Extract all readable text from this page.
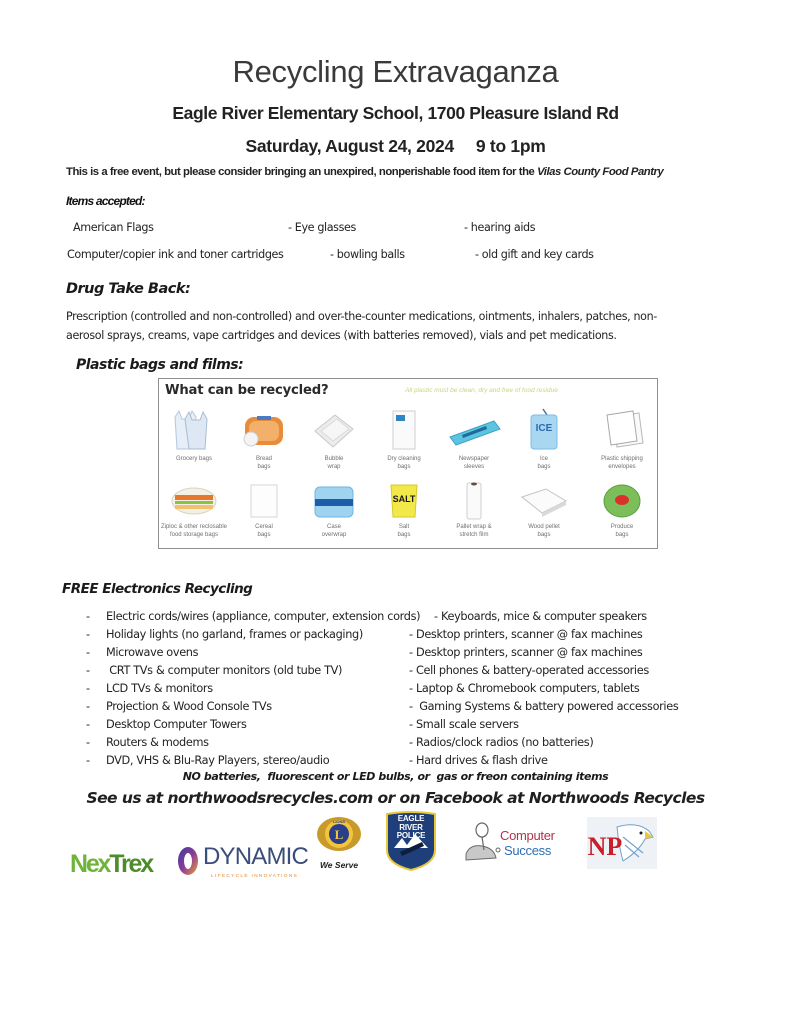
Recycling Extravaganza
Eagle River Elementary School, 1700 Pleasure Island Rd
Saturday, August 24, 2024 9 to 1pm
This is a free event, but please consider bringing an unexpired, nonperishable food item for the Vilas County Food Pantry
Items accepted:
American Flags	- Eye glasses	- hearing aids
Computer/copier ink and toner cartridges	- bowling balls	- old gift and key cards
Drug Take Back:
Prescription (controlled and non-controlled) and over-the-counter medications, ointments, inhalers, patches, non-
aerosol sprays, creams, vape cartridges and devices (with batteries removed), vials and pet medications.
Plastic bags and films:
What can be recycled?	All plastic must be clean, dry and free of food residue
Grocery bags	Bread
bags
Bubble
wrap
Dry cleaning
bags
Newspaper
sleeves
ICE
Ice
bags
Plastic shipping
envelopes
Ziploc & other reclosable
food storage bags
Cereal
bags
Case
overwrap
SALT
Salt
bags
Pallet wrap &
stretch film
Wood pellet
bags
Produce
bags
FREE Electronics Recycling
- Electric cords/wires (appliance, computer, extension cords) - Keyboards, mice & computer speakers
- Holiday lights (no garland, frames or packaging)	- Desktop printers, scanner @ fax machines
- Microwave ovens	- Desktop printers, scanner @ fax machines
- CRT TVs & computer monitors (old tube TV)	- Cell phones & battery-operated accessories
- LCD TVs & monitors	- Laptop & Chromebook computers, tablets
- Projection & Wood Console TVs	-  Gaming Systems & battery powered accessories
- Desktop Computer Towers	- Small scale servers
- Routers & modems	- Radios/clock radios (no batteries)
- DVD, VHS & Blu-Ray Players, stereo/audio	- Hard drives & flash drive
NO batteries,  fluorescent or LED bulbs, or  gas or freon containing items
See us at northwoodsrecycles.com or on Facebook at Northwoods Recycles
NexTrex DYNAMIC
LIFECYCLE INNOVATIONS
L
LIONS
We Serve
EAGLE RIVER POLICE	Computer
Success NP
